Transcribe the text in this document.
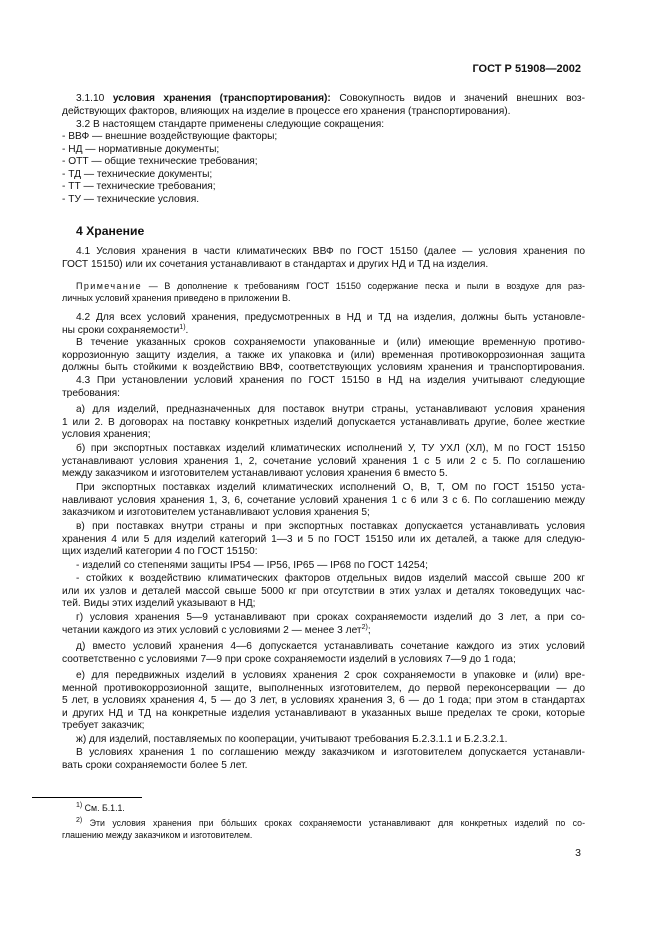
ГОСТ Р 51908—2002
3.1.10 условия хранения (транспортирования): Совокупность видов и значений внешних воз-
действующих факторов, влияющих на изделие в процессе его хранения (транспортирования).
3.2 В настоящем стандарте применены следующие сокращения:
- ВВФ — внешние воздействующие факторы;
- НД — нормативные документы;
- ОТТ — общие технические требования;
- ТД — технические документы;
- ТТ — технические требования;
- ТУ — технические условия.
4 Хранение
4.1 Условия хранения в части климатических ВВФ по ГОСТ 15150 (далее — условия хранения по
ГОСТ 15150) или их сочетания устанавливают в стандартах и других НД и ТД на изделия.
Примечание — В дополнение к требованиям ГОСТ 15150 содержание песка и пыли в воздухе для раз-
личных условий хранения приведено в приложении В.
4.2 Для всех условий хранения, предусмотренных в НД и ТД на изделия, должны быть установле-
ны сроки сохраняемости$^{1)}$.
В течение указанных сроков сохраняемости упакованные и (или) имеющие временную противо-
коррозионную защиту изделия, а также их упаковка и (или) временная противокоррозионная защита
должны быть стойкими к воздействию ВВФ, соответствующих условиям хранения и транспортирования.
4.3 При установлении условий хранения по ГОСТ 15150 в НД на изделия учитывают следующие
требования:
а) для изделий, предназначенных для поставок внутри страны, устанавливают условия хранения
1 или 2. В договорах на поставку конкретных изделий допускается устанавливать другие, более жесткие
условия хранения;
б) при экспортных поставках изделий климатических исполнений У, ТУ УХЛ (ХЛ), М по ГОСТ 15150
устанавливают условия хранения 1, 2, сочетание условий хранения 1 с 5 или 2 с 5. По соглашению
между заказчиком и изготовителем устанавливают условия хранения 6 вместо 5.
При экспортных поставках изделий климатических исполнений О, В, Т, ОМ по ГОСТ 15150 уста-
навливают условия хранения 1, 3, 6, сочетание условий хранения 1 с 6 или 3 с 6. По соглашению между
заказчиком и изготовителем устанавливают условия хранения 5;
в) при поставках внутри страны и при экспортных поставках допускается устанавливать условия
хранения 4 или 5 для изделий категорий 1—3 и 5 по ГОСТ 15150 или их деталей, а также для следую-
щих изделий категории 4 по ГОСТ 15150:
- изделий со степенями защиты IP54 — IP56, IP65 — IP68 по ГОСТ 14254;
- стойких к воздействию климатических факторов отдельных видов изделий массой свыше 200 кг
или их узлов и деталей массой свыше 5000 кг при отсутствии в этих узлах и деталях токоведущих час-
тей. Виды этих изделий указывают в НД;
г) условия хранения 5—9 устанавливают при сроках сохраняемости изделий до 3 лет, а при со-
четании каждого из этих условий с условиями 2 — менее 3 лет$^{2)}$;
д) вместо условий хранения 4—6 допускается устанавливать сочетание каждого из этих условий
соответственно с условиями 7—9 при сроке сохраняемости изделий в условиях 7—9 до 1 года;
е) для передвижных изделий в условиях хранения 2 срок сохраняемости в упаковке и (или) вре-
менной противокоррозионной защите, выполненных изготовителем, до первой переконсервации — до
5 лет, в условиях хранения 4, 5 — до 3 лет, в условиях хранения 3, 6 — до 1 года; при этом в стандартах
и других НД и ТД на конкретные изделия устанавливают в указанных выше пределах те сроки, которые
требует заказчик;
ж) для изделий, поставляемых по кооперации, учитывают требования Б.2.3.1.1 и Б.2.3.2.1.
В условиях хранения 1 по соглашению между заказчиком и изготовителем допускается устанавли-
вать сроки сохраняемости более 5 лет.
$^{1)}$ См. Б.1.1.
$^{2)}$ Эти условия хранения при бо́льших сроках сохраняемости устанавливают для конкретных изделий по со-
глашению между заказчиком и изготовителем.
3
